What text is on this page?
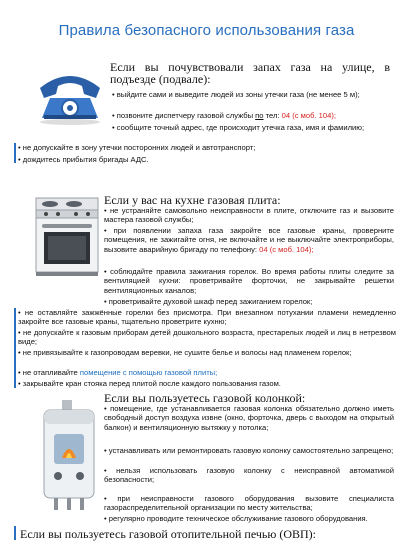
Правила безопасного использования газа
Если вы почувствовали запах газа на улице, в подъезде (подвале):
• выйдите сами и выведите людей из зоны утечки газа (не менее 5 м);
• позвоните диспетчеру газовой службы по тел: 04 (с моб. 104);
• сообщите точный адрес, где происходит утечка газа, имя и фамилию;
• не допускайте в зону утечки посторонних людей и автотранспорт;
• дождитесь прибытия бригады АДС.
Если у вас на кухне газовая плита:
• не устраняйте самовольно неисправности в плите, отключите газ и вызовите мастера газовой службы;
• при появлении запаха газа закройте все газовые краны, проверните помещения, не зажигайте огня, не включайте и не выключайте электроприборы, вызовите аварийную бригаду по телефону: 04 (с моб. 104);
• соблюдайте правила зажигания горелок. Во время работы плиты следите за вентиляцией кухни: проветривайте форточки, не закрывайте решетки вентиляционных каналов;
• проветривайте духовой шкаф перед зажиганием горелок;
• не оставляйте зажжённые горелки без присмотра. При внезапном потухании пламени немедленно закройте все газовые краны, тщательно проветрите кухню;
• не допускайте к газовым приборам детей дошкольного возраста, престарелых людей и лиц в нетрезвом виде;
• не привязывайте к газопроводам веревки, не сушите белье и волосы над пламенем горелок;
• не отапливайте помещение с помощью газовой плиты;
• закрывайте кран стояка перед плитой после каждого пользования газом.
Если вы пользуетесь газовой колонкой:
• помещение, где устанавливается газовая колонка обязательно должно иметь свободный доступ воздуха извне (окно, форточка, дверь с выходом на открытый балкон) и вентиляционную вытяжку у потолка;
• устанавливать или ремонтировать газовую колонку самостоятельно запрещено;
• нельзя использовать газовую колонку с неисправной автоматикой безопасности;
• при неисправности газового оборудования вызовите специалиста газораспределительной организации по месту жительства;
• регулярно проводите техническое обслуживание газового оборудования.
Если вы пользуетесь газовой отопительной печью (ОВП):
